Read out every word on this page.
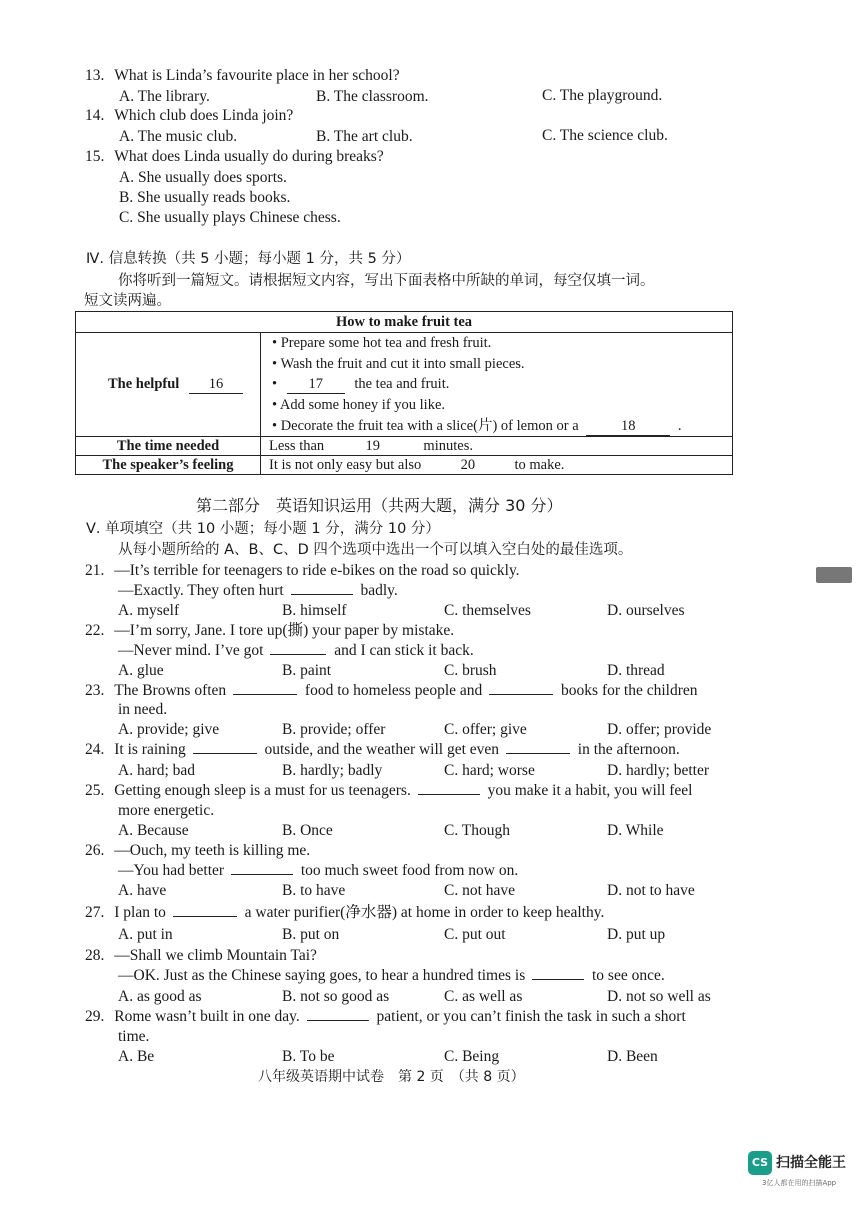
13. What is Linda’s favourite place in her school?
A. The library.	B. The classroom.	C. The playground.
14. Which club does Linda join?
A. The music club.	B. The art club.	C. The science club.
15. What does Linda usually do during breaks?
A. She usually does sports.
B. She usually reads books.
C. She usually plays Chinese chess.
Ⅳ. 信息转换（共 5 小题；每小题 1 分，共 5 分）
你将听到一篇短文。请根据短文内容，写出下面表格中所缺的单词，每空仅填一词。
短文读两遍。
How to make fruit tea
The helpful 16
• Prepare some hot tea and fresh fruit.
• Wash the fruit and cut it into small pieces.
• 17 the tea and fruit.
• Add some honey if you like.
• Decorate the fruit tea with a slice(片) of lemon or a	18	.
The time needed	Less than	19	minutes.
The speaker’s feeling	It is not only easy but also	20	to make.
第二部分　英语知识运用（共两大题，满分 30 分）
Ⅴ. 单项填空（共 10 小题；每小题 1 分，满分 10 分）
从每小题所给的 A、B、C、D 四个选项中选出一个可以填入空白处的最佳选项。
21. —It’s terrible for teenagers to ride e-bikes on the road so quickly.
—Exactly. They often hurt	badly.
A. myself	B. himself	C. themselves	D. ourselves
22. —I’m sorry, Jane. I tore up(撕) your paper by mistake.
—Never mind. I’ve got	and I can stick it back.
A. glue	B. paint	C. brush	D. thread
23. The Browns often	food to homeless people and	books for the children
in need.
A. provide; give	B. provide; offer	C. offer; give	D. offer; provide
24. It is raining	outside, and the weather will get even	in the afternoon.
A. hard; bad	B. hardly; badly	C. hard; worse	D. hardly; better
25. Getting enough sleep is a must for us teenagers.	you make it a habit, you will feel
more energetic.
A. Because	B. Once	C. Though	D. While
26. —Ouch, my teeth is killing me.
—You had better	too much sweet food from now on.
A. have	B. to have	C. not have	D. not to have
27. I plan to	a water purifier(净水器) at home in order to keep healthy.
A. put in	B. put on	C. put out	D. put up
28. —Shall we climb Mountain Tai?
—OK. Just as the Chinese saying goes, to hear a hundred times is	to see once.
A. as good as	B. not so good as	C. as well as	D. not so well as
29. Rome wasn’t built in one day.	patient, or you can’t finish the task in such a short
time.
A. Be	B. To be	C. Being	D. Been
八年级英语期中试卷　第 2 页　（共 8 页）
CS 扫描全能王
3亿人都在用的扫描App
